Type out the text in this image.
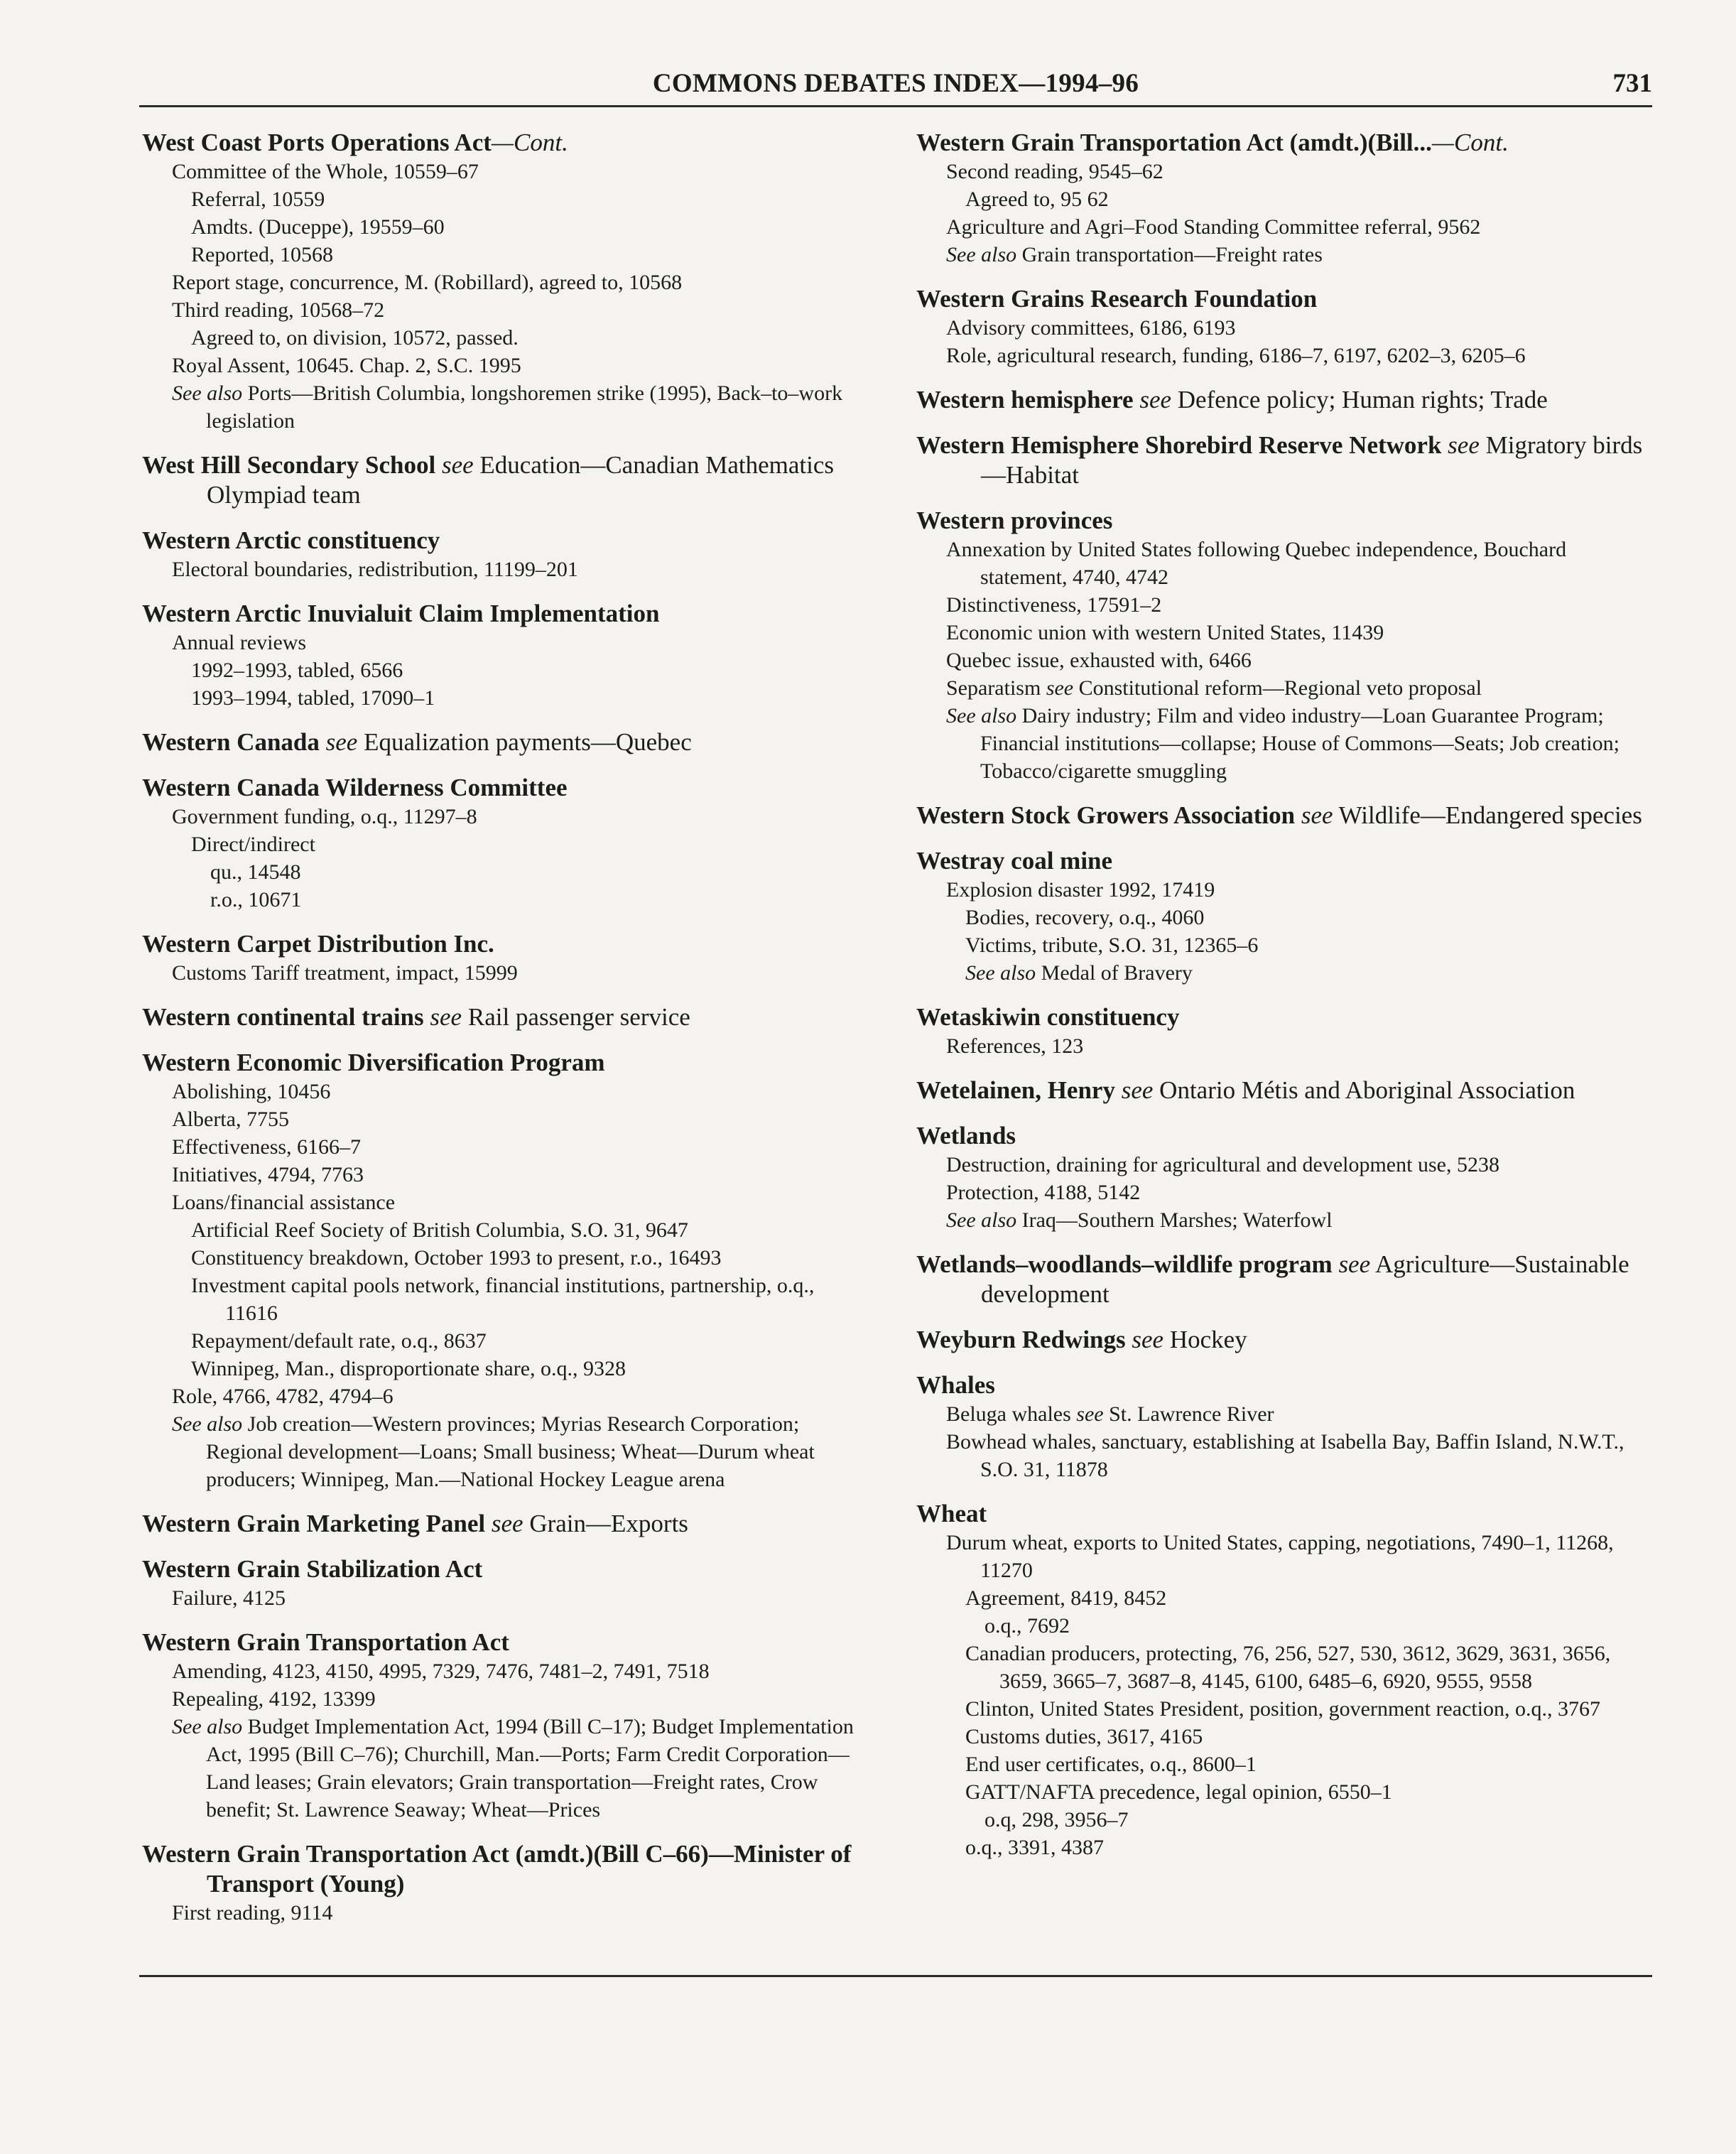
COMMONS DEBATES INDEX—1994–96	731
West Coast Ports Operations Act—Cont.
Committee of the Whole, 10559–67
Referral, 10559
Amdts. (Duceppe), 19559–60
Reported, 10568
Report stage, concurrence, M. (Robillard), agreed to, 10568
Third reading, 10568–72
Agreed to, on division, 10572, passed.
Royal Assent, 10645. Chap. 2, S.C. 1995
See also Ports—British Columbia, longshoremen strike (1995), Back–to–work legislation
West Hill Secondary School see Education—Canadian Mathematics Olympiad team
Western Arctic constituency
Electoral boundaries, redistribution, 11199–201
Western Arctic Inuvialuit Claim Implementation
Annual reviews
1992–1993, tabled, 6566
1993–1994, tabled, 17090–1
Western Canada see Equalization payments—Quebec
Western Canada Wilderness Committee
Government funding, o.q., 11297–8
Direct/indirect
qu., 14548
r.o., 10671
Western Carpet Distribution Inc.
Customs Tariff treatment, impact, 15999
Western continental trains see Rail passenger service
Western Economic Diversification Program
Abolishing, 10456
Alberta, 7755
Effectiveness, 6166–7
Initiatives, 4794, 7763
Loans/financial assistance
Artificial Reef Society of British Columbia, S.O. 31, 9647
Constituency breakdown, October 1993 to present, r.o., 16493
Investment capital pools network, financial institutions, partnership, o.q., 11616
Repayment/default rate, o.q., 8637
Winnipeg, Man., disproportionate share, o.q., 9328
Role, 4766, 4782, 4794–6
See also Job creation—Western provinces; Myrias Research Corporation; Regional development—Loans; Small business; Wheat—Durum wheat producers; Winnipeg, Man.—National Hockey League arena
Western Grain Marketing Panel see Grain—Exports
Western Grain Stabilization Act
Failure, 4125
Western Grain Transportation Act
Amending, 4123, 4150, 4995, 7329, 7476, 7481–2, 7491, 7518
Repealing, 4192, 13399
See also Budget Implementation Act, 1994 (Bill C–17); Budget Implementation Act, 1995 (Bill C–76); Churchill, Man.—Ports; Farm Credit Corporation—Land leases; Grain elevators; Grain transportation—Freight rates, Crow benefit; St. Lawrence Seaway; Wheat—Prices
Western Grain Transportation Act (amdt.)(Bill C–66)—Minister of Transport (Young)
First reading, 9114
Western Grain Transportation Act (amdt.)(Bill...—Cont.
Second reading, 9545–62
Agreed to, 95 62
Agriculture and Agri–Food Standing Committee referral, 9562
See also Grain transportation—Freight rates
Western Grains Research Foundation
Advisory committees, 6186, 6193
Role, agricultural research, funding, 6186–7, 6197, 6202–3, 6205–6
Western hemisphere see Defence policy; Human rights; Trade
Western Hemisphere Shorebird Reserve Network see Migratory birds—Habitat
Western provinces
Annexation by United States following Quebec independence, Bouchard statement, 4740, 4742
Distinctiveness, 17591–2
Economic union with western United States, 11439
Quebec issue, exhausted with, 6466
Separatism see Constitutional reform—Regional veto proposal
See also Dairy industry; Film and video industry—Loan Guarantee Program; Financial institutions—collapse; House of Commons—Seats; Job creation; Tobacco/cigarette smuggling
Western Stock Growers Association see Wildlife—Endangered species
Westray coal mine
Explosion disaster 1992, 17419
Bodies, recovery, o.q., 4060
Victims, tribute, S.O. 31, 12365–6
See also Medal of Bravery
Wetaskiwin constituency
References, 123
Wetelainen, Henry see Ontario Métis and Aboriginal Association
Wetlands
Destruction, draining for agricultural and development use, 5238
Protection, 4188, 5142
See also Iraq—Southern Marshes; Waterfowl
Wetlands–woodlands–wildlife program see Agriculture—Sustainable development
Weyburn Redwings see Hockey
Whales
Beluga whales see St. Lawrence River
Bowhead whales, sanctuary, establishing at Isabella Bay, Baffin Island, N.W.T., S.O. 31, 11878
Wheat
Durum wheat, exports to United States, capping, negotiations, 7490–1, 11268, 11270
Agreement, 8419, 8452
o.q., 7692
Canadian producers, protecting, 76, 256, 527, 530, 3612, 3629, 3631, 3656, 3659, 3665–7, 3687–8, 4145, 6100, 6485–6, 6920, 9555, 9558
Clinton, United States President, position, government reaction, o.q., 3767
Customs duties, 3617, 4165
End user certificates, o.q., 8600–1
GATT/NAFTA precedence, legal opinion, 6550–1
o.q, 298, 3956–7
o.q., 3391, 4387
